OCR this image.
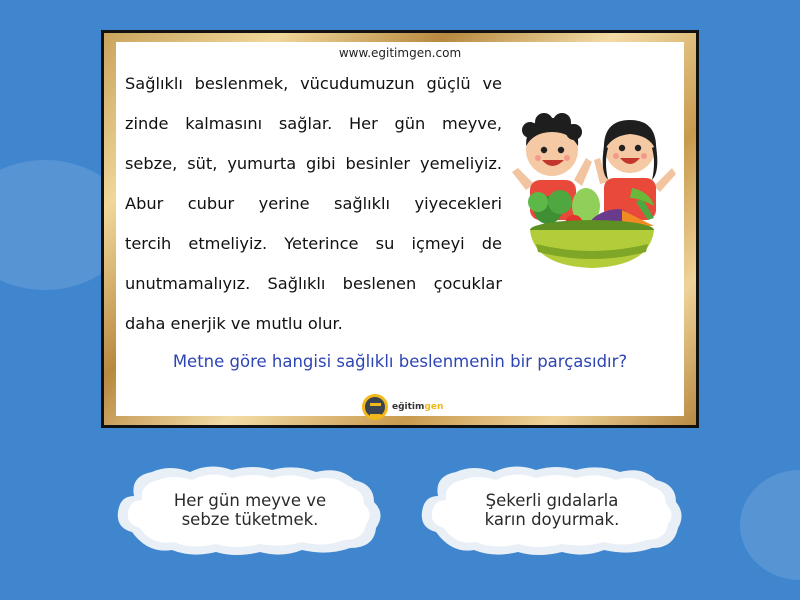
www.egitimgen.com
Sağlıklı beslenmek, vücudumuzun güçlü ve
zinde kalmasını sağlar. Her gün meyve,
sebze, süt, yumurta gibi besinler yemeliyiz.
Abur cubur yerine sağlıklı yiyecekleri
tercih etmeliyiz. Yeterince su içmeyi de
unutmamalıyız. Sağlıklı beslenen çocuklar
daha enerjik ve mutlu olur.
Metne göre hangisi sağlıklı beslenmenin bir parçasıdır?
eğitimgen
Her gün meyve ve sebze tüketmek.
Şekerli gıdalarla karın doyurmak.
